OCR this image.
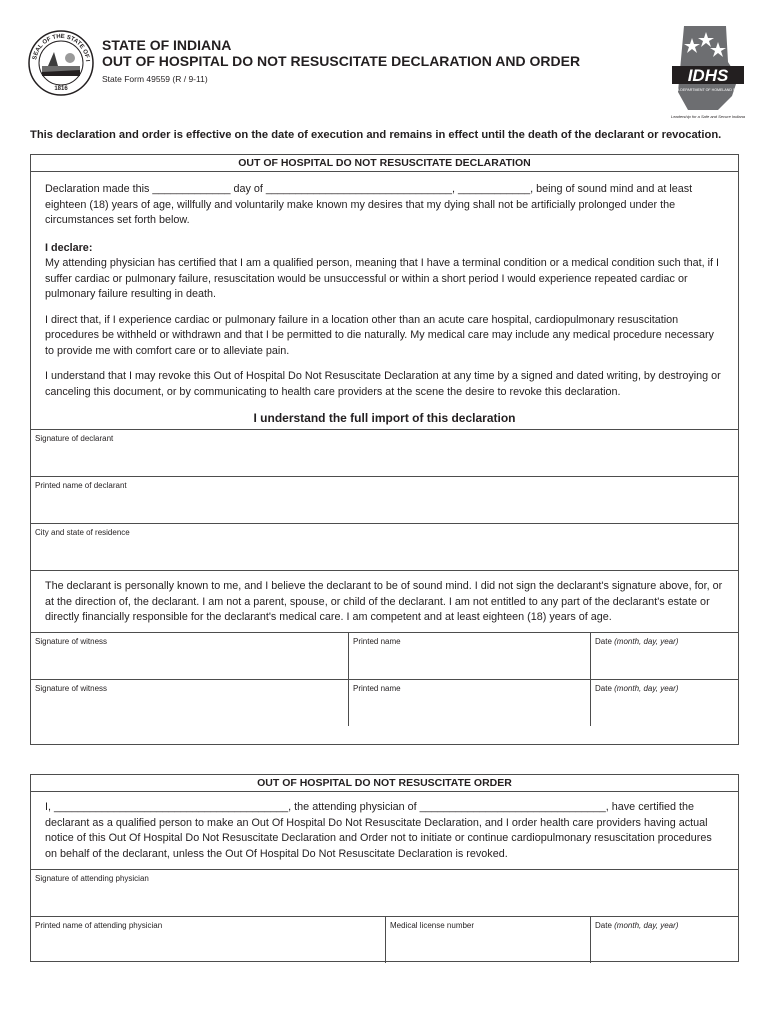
SEAL OF THE STATE OF I
1816
STATE OF INDIANA
OUT OF HOSPITAL DO NOT RESUSCITATE DECLARATION AND ORDER
State Form 49559 (R / 9-11)	IDHS
INDIANA DEPARTMENT OF HOMELAND SECURITY
Leadership for a Safe and Secure Indiana
This declaration and order is effective on the date of execution and remains in effect until the death of the declarant or revocation.
OUT OF HOSPITAL DO NOT RESUSCITATE DECLARATION

Declaration made this _____________ day of _______________________________, ____________, being of sound mind and at least eighteen (18) years of age, willfully and voluntarily make known my desires that my dying shall not be artificially prolonged under the circumstances set forth below.

I declare:

My attending physician has certified that I am a qualified person, meaning that I have a terminal condition or a medical condition such that, if I suffer cardiac or pulmonary failure, resuscitation would be unsuccessful or within a short period I would experience repeated cardiac or pulmonary failure resulting in death.

I direct that, if I experience cardiac or pulmonary failure in a location other than an acute care hospital, cardiopulmonary resuscitation procedures be withheld or withdrawn and that I be permitted to die naturally. My medical care may include any medical procedure necessary to provide me with comfort care or to alleviate pain.

I understand that I may revoke this Out of Hospital Do Not Resuscitate Declaration at any time by a signed and dated writing, by destroying or canceling this document, or by communicating to health care providers at the scene the desire to revoke this declaration.

I understand the full import of this declaration
Signature of declarant
Printed name of declarant
City and state of residence

The declarant is personally known to me, and I believe the declarant to be of sound mind. I did not sign the declarant's signature above, for, or at the direction of, the declarant. I am not a parent, spouse, or child of the declarant. I am not entitled to any part of the declarant's estate or directly financially responsible for the declarant's medical care. I am competent and at least eighteen (18) years of age.

Signature of witness	Printed name	Date (month, day, year)
Signature of witness	Printed name	Date (month, day, year)
OUT OF HOSPITAL DO NOT RESUSCITATE ORDER

I, _______________________________________, the attending physician of _______________________________, have certified the declarant as a qualified person to make an Out Of Hospital Do Not Resuscitate Declaration, and I order health care providers having actual notice of this Out Of Hospital Do Not Resuscitate Declaration and Order not to initiate or continue cardiopulmonary resuscitation procedures on behalf of the declarant, unless the Out Of Hospital Do Not Resuscitate Declaration is revoked.

Signature of attending physician
Printed name of attending physician	Medical license number	Date (month, day, year)
